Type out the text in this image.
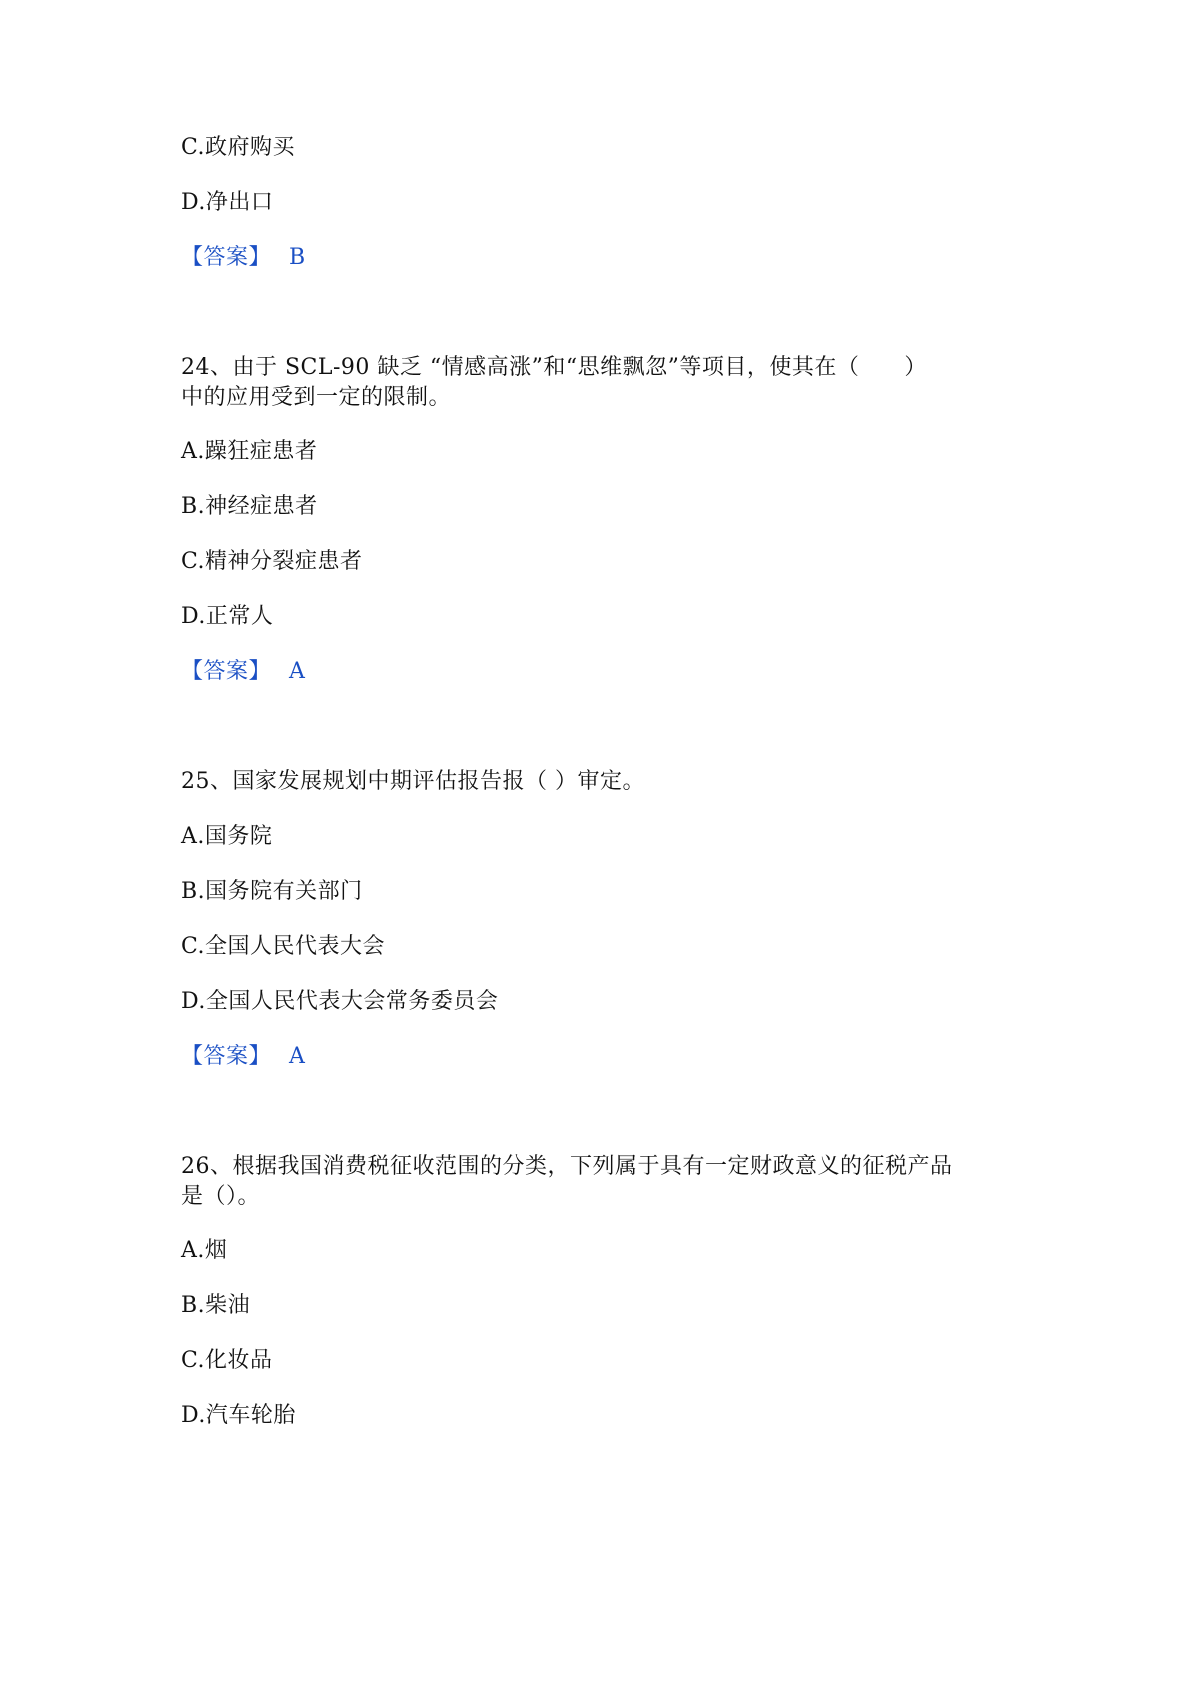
C.政府购买
D.净出口
【答案】 B
24、由于 SCL-90 缺乏 “情感高涨”和“思维飘忽”等项目，使其在（　　）
中的应用受到一定的限制。
A.躁狂症患者
B.神经症患者
C.精神分裂症患者
D.正常人
【答案】 A
25、国家发展规划中期评估报告报（ ）审定。
A.国务院
B.国务院有关部门
C.全国人民代表大会
D.全国人民代表大会常务委员会
【答案】 A
26、根据我国消费税征收范围的分类，下列属于具有一定财政意义的征税产品
是（）。
A.烟
B.柴油
C.化妆品
D.汽车轮胎
